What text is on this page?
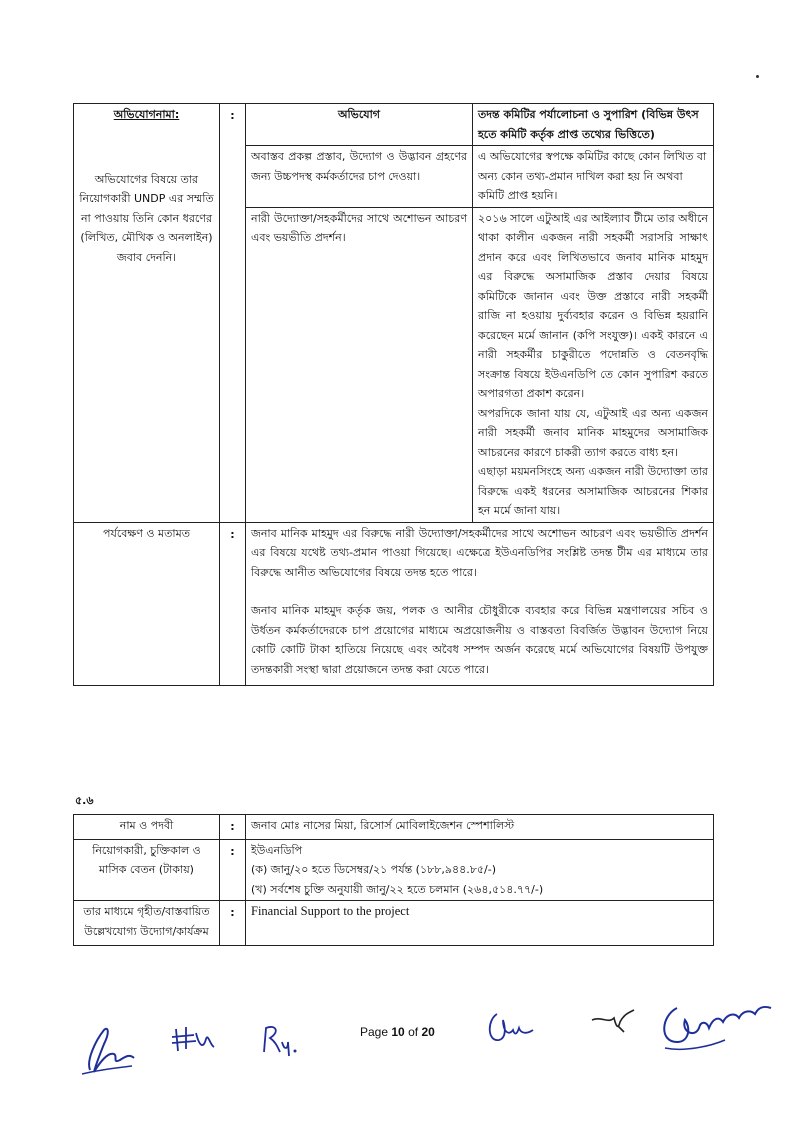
অভিযোগনামা:	:	অভিযোগ	তদন্ত কমিটির পর্যালোচনা ও সুপারিশ (বিভিন্ন উৎস হতে কমিটি কর্তৃক প্রাপ্ত তথ্যের ভিত্তিতে)
অভিযোগের বিষয়ে তার নিয়োগকারী UNDP এর সম্মতি না পাওয়ায় তিনি কোন ধরণের (লিখিত, মৌখিক ও অনলাইন) জবাব দেননি।		অবাস্তব প্রকল্প প্রস্তাব, উদ্যোগ ও উদ্ভাবন গ্রহণের জন্য উচ্চপদস্থ কর্মকর্তাদের চাপ দেওয়া।	এ অভিযোগের স্বপক্ষে কমিটির কাছে কোন লিখিত বা অন্য কোন তথ্য-প্রমান দাখিল করা হয় নি অথবা কমিটি প্রাপ্ত হয়নি।
		নারী উদ্যোক্তা/সহকর্মীদের সাথে অশোভন আচরণ এবং ভয়ভীতি প্রদর্শন।	২০১৬ সালে এটুআই এর আইল্যাব টীমে তার অধীনে থাকা কালীন একজন নারী সহকর্মী সরাসরি সাক্ষাৎ প্রদান করে এবং লিখিতভাবে জনাব মানিক মাহমুদ এর বিরুদ্ধে অসামাজিক প্রস্তাব দেয়ার বিষয়ে কমিটিকে জানান এবং উক্ত প্রস্তাবে নারী সহকর্মী রাজি না হওয়ায় দুর্ব্যবহার করেন ও বিভিন্ন হয়রানি করেছেন মর্মে জানান (কপি সংযুক্ত)। একই কারনে এ নারী সহকর্মীর চাকুরীতে পদোন্নতি ও বেতনবৃদ্ধি সংক্রান্ত বিষয়ে ইউএনডিপি তে কোন সুপারিশ করতে অপারগতা প্রকাশ করেন।

অপরদিকে জানা যায় যে, এটুআই এর অন্য একজন নারী সহকর্মী জনাব মানিক মাহমুদের অসামাজিক আচরনের কারণে চাকরী ত্যাগ করতে বাধ্য হন।

এছাড়া ময়মনসিংহে অন্য একজন নারী উদ্যোক্তা তার বিরুদ্ধে একই ধরনের অসামাজিক আচরনের শিকার হন মর্মে জানা যায়।

পর্যবেক্ষণ ও মতামত	:	জনাব মানিক মাহমুদ এর বিরুদ্ধে নারী উদ্যোক্তা/সহকর্মীদের সাথে অশোভন আচরণ এবং ভয়ভীতি প্রদর্শন এর বিষয়ে যথেষ্ট তথ্য-প্রমান পাওয়া গিয়েছে। এক্ষেত্রে ইউএনডিপির সংশ্লিষ্ট তদন্ত টীম এর মাধ্যমে তার বিরুদ্ধে আনীত অভিযোগের বিষয়ে তদন্ত হতে পারে।

জনাব মানিক মাহমুদ কর্তৃক জয়, পলক ও আনীর চৌধুরীকে ব্যবহার করে বিভিন্ন মন্ত্রণালয়ের সচিব ও উর্ধতন কর্মকর্তাদেরকে চাপ প্রয়োগের মাধ্যমে অপ্রয়োজনীয় ও বাস্তবতা বিবর্জিত উদ্ভাবন উদ্যোগ নিয়ে কোটি কোটি টাকা হাতিয়ে নিয়েছে এবং অবৈধ সম্পদ অর্জন করেছে মর্মে অভিযোগের বিষয়টি উপযুক্ত তদন্তকারী সংস্থা দ্বারা প্রয়োজনে তদন্ত করা যেতে পারে।	

৫.৬
নাম ও পদবী	:	জনাব মোঃ নাসের মিয়া, রিসোর্স মোবিলাইজেশন স্পেশালিস্ট
নিয়োগকারী, চুক্তিকাল ও মাসিক বেতন (টাকায়)	:	ইউএনডিপি
(ক) জানু/২০ হতে ডিসেম্বর/২১ পর্যন্ত (১৮৮,৯৪৪.৮৫/-)
(খ) সর্বশেষ চুক্তি অনুযায়ী জানু/২২ হতে চলমান (২৬৪,৫১৪.৭৭/-)

তার মাধ্যমে গৃহীত/বাস্তবায়িত উল্লেখযোগ্য উদ্যোগ/কার্যক্রম	:	Financial Support to the project
Page 10 of 20
